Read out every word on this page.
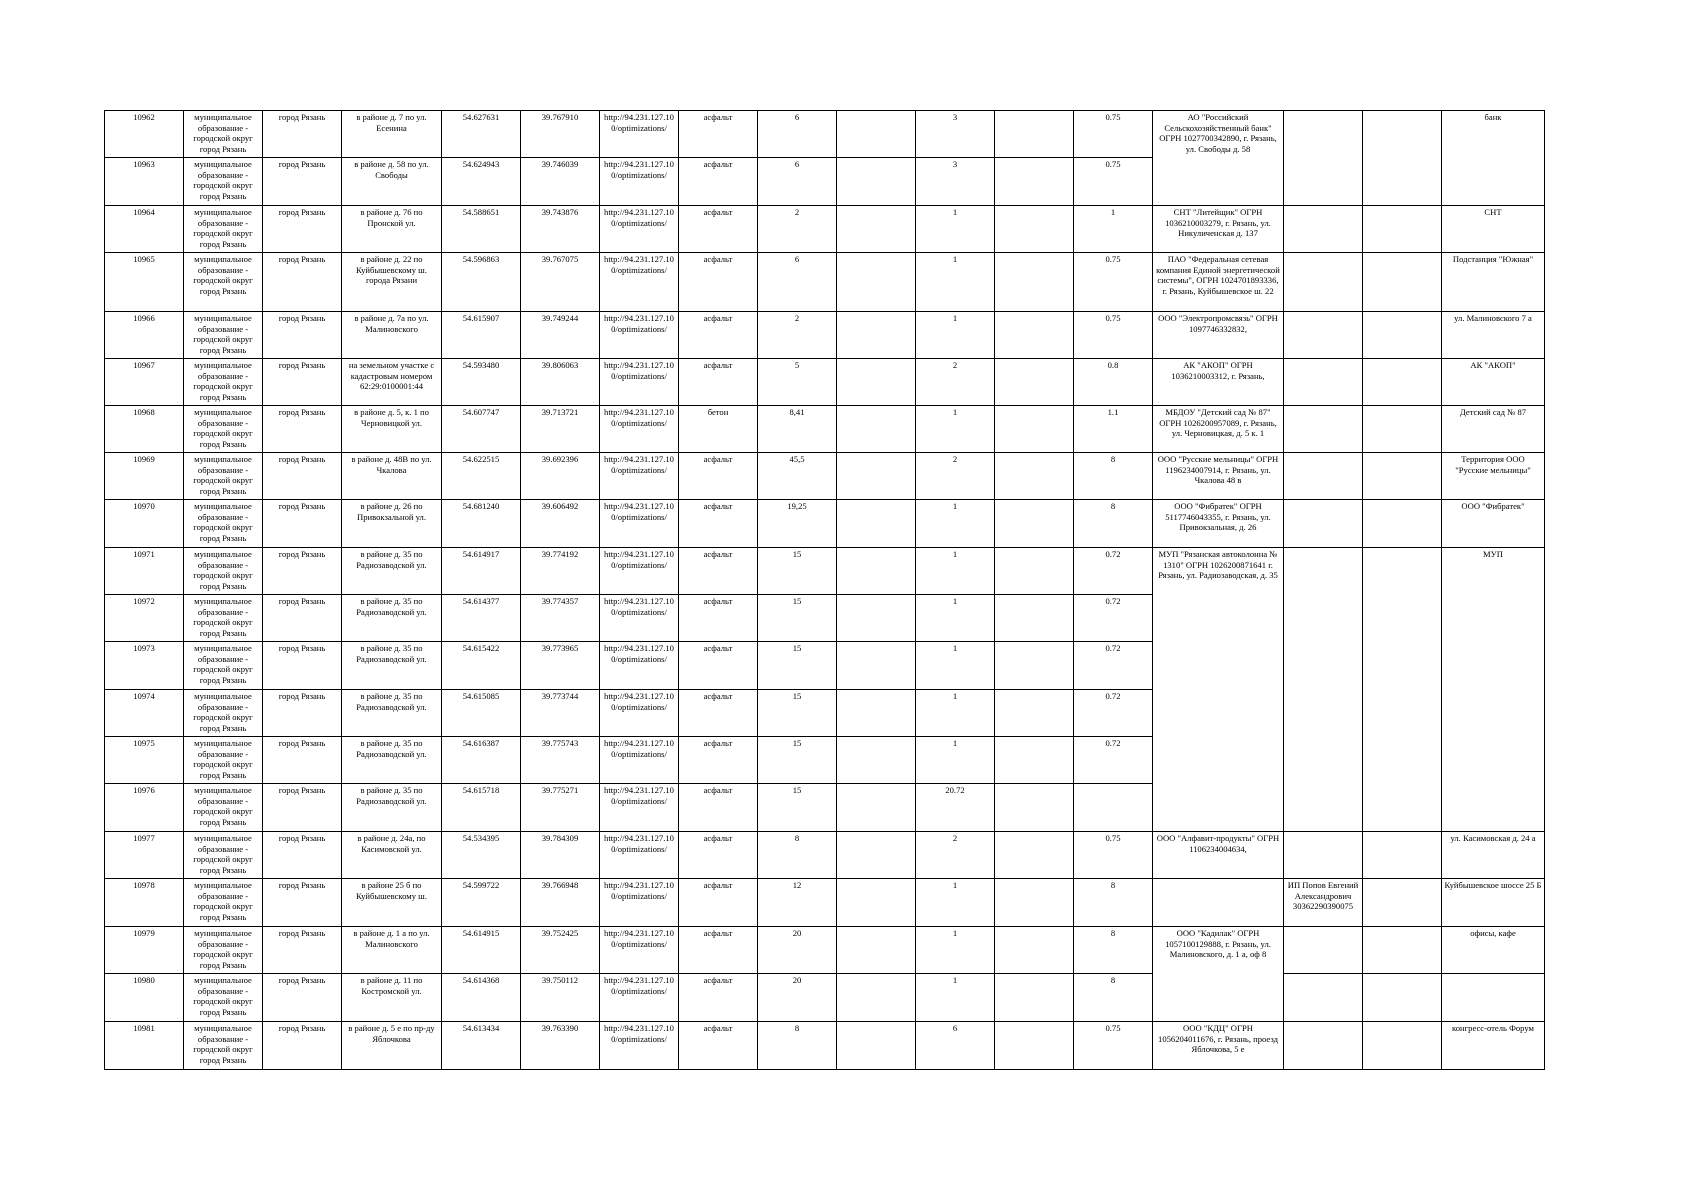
10962	муниципальное образование - городской округ город Рязань	город Рязань	в районе д. 7 по ул. Есенина	54.627631	39.767910	http://94.231.127.10 0/optimizations/	асфальт	6		3		0.75	АО "Российский Сельскохозяйственный банк" ОГРН 1027700342890, г. Рязань, ул. Свободы д. 58			банк
10963	муниципальное образование - городской округ город Рязань	город Рязань	в районе д. 58 по ул. Свободы	54.624943	39.746039	http://94.231.127.10 0/optimizations/	асфальт	6		3		0.75				
10964	муниципальное образование - городской округ город Рязань	город Рязань	в районе д. 76 по Пронской ул.	54.588651	39.743876	http://94.231.127.10 0/optimizations/	асфальт	2		1		1	СНТ "Литейщик" ОГРН 1036210003279, г. Рязань, ул. Никуличенская д. 137			СНТ
10965	муниципальное образование - городской округ город Рязань	город Рязань	в районе д. 22 по Куйбышевскому ш. города Рязани	54.596863	39.767075	http://94.231.127.10 0/optimizations/	асфальт	6		1		0.75	ПАО "Федеральная сетевая компания Единой энергетической системы", ОГРН 1024701893336, г. Рязань, Куйбышевское ш. 22			Подстанция "Южная"
10966	муниципальное образование - городской округ город Рязань	город Рязань	в районе д. 7а по ул. Малиновского	54.615907	39.749244	http://94.231.127.10 0/optimizations/	асфальт	2		1		0.75	ООО "Электропромсвязь" ОГРН 1097746332832,			ул. Малиновского 7 а
10967	муниципальное образование - городской округ город Рязань	город Рязань	на земельном участке с кадастровым номером 62:29:0100001:44	54.593480	39.806063	http://94.231.127.10 0/optimizations/	асфальт	5		2		0.8	АК "АКОП" ОГРН 1036210003312, г. Рязань,			АК "АКОП"
10968	муниципальное образование - городской округ город Рязань	город Рязань	в районе д. 5, к. 1 по Черновицкой ул.	54.607747	39.713721	http://94.231.127.10 0/optimizations/	бетон	8,41		1		1.1	МБДОУ "Детский сад № 87" ОГРН 1026200957089, г. Рязань, ул. Черновицкая, д. 5 к. 1			Детский сад № 87
10969	муниципальное образование - городской округ город Рязань	город Рязань	в районе д. 48В по ул. Чкалова	54.622515	39.692396	http://94.231.127.10 0/optimizations/	асфальт	45,5		2		8	ООО "Русские мельницы" ОГРН 1196234007914, г. Рязань, ул. Чкалова 48 в			Территория ООО "Русские мельницы"
10970	муниципальное образование - городской округ город Рязань	город Рязань	в районе д. 26 по Привокзальной ул.	54.681240	39.606492	http://94.231.127.10 0/optimizations/	асфальт	19,25		1		8	ООО "Фибратек" ОГРН 5117746043355, г. Рязань, ул. Привокзальная, д. 26			ООО "Фибратек"
10971	муниципальное образование - городской округ город Рязань	город Рязань	в районе д. 35 по Радиозаводской ул.	54.614917	39.774192	http://94.231.127.10 0/optimizations/	асфальт	15		1		0.72	МУП "Рязанская автоколонна № 1310" ОГРН 1026200871641 г. Рязань, ул. Радиозаводская, д. 35			МУП
10972	муниципальное образование - городской округ город Рязань	город Рязань	в районе д. 35 по Радиозаводской ул.	54.614377	39.774357	http://94.231.127.10 0/optimizations/	асфальт	15		1		0.72				
10973	муниципальное образование - городской округ город Рязань	город Рязань	в районе д. 35 по Радиозаводской ул.	54.615422	39.773965	http://94.231.127.10 0/optimizations/	асфальт	15		1		0.72				
10974	муниципальное образование - городской округ город Рязань	город Рязань	в районе д. 35 по Радиозаводской ул.	54.615085	39.773744	http://94.231.127.10 0/optimizations/	асфальт	15		1		0.72				
10975	муниципальное образование - городской округ город Рязань	город Рязань	в районе д. 35 по Радиозаводской ул.	54.616387	39.775743	http://94.231.127.10 0/optimizations/	асфальт	15		1		0.72				
10976	муниципальное образование - городской округ город Рязань	город Рязань	в районе д. 35 по Радиозаводской ул.	54.615718	39.775271	http://94.231.127.10 0/optimizations/	асфальт	15		20.72						
10977	муниципальное образование - городской округ город Рязань	город Рязань	в районе д. 24а, по Касимовской ул.	54.534395	39.784309	http://94.231.127.10 0/optimizations/	асфальт	8		2		0.75	ООО "Алфавит-продукты" ОГРН 1106234004634,			ул. Касимовская д. 24 а
10978	муниципальное образование - городской округ город Рязань	город Рязань	в районе 25 б по Куйбышевскому ш.	54.599722	39.766948	http://94.231.127.10 0/optimizations/	асфальт	12		1		8		ИП Попов Евгений Александрович 30362290390075		Куйбышевское шоссе 25 Б
10979	муниципальное образование - городской округ город Рязань	город Рязань	в районе д. 1 а по ул. Малиновского	54.614915	39.752425	http://94.231.127.10 0/optimizations/	асфальт	20		1		8	ООО "Кадилак" ОГРН 1057100129888, г. Рязань, ул. Малиновского, д. 1 а, оф 8			офисы, кафе
10980	муниципальное образование - городской округ город Рязань	город Рязань	в районе д. 11 по Костромской ул.	54.614368	39.750112	http://94.231.127.10 0/optimizations/	асфальт	20		1		8				
10981	муниципальное образование - городской округ город Рязань	город Рязань	в районе д. 5 е по пр-ду Яблочкова	54.613434	39.763390	http://94.231.127.10 0/optimizations/	асфальт	8		6		0.75	ООО "КДЦ" ОГРН 1056204011676, г. Рязань, проезд Яблочкова, 5 е			конгресс-отель Форум
